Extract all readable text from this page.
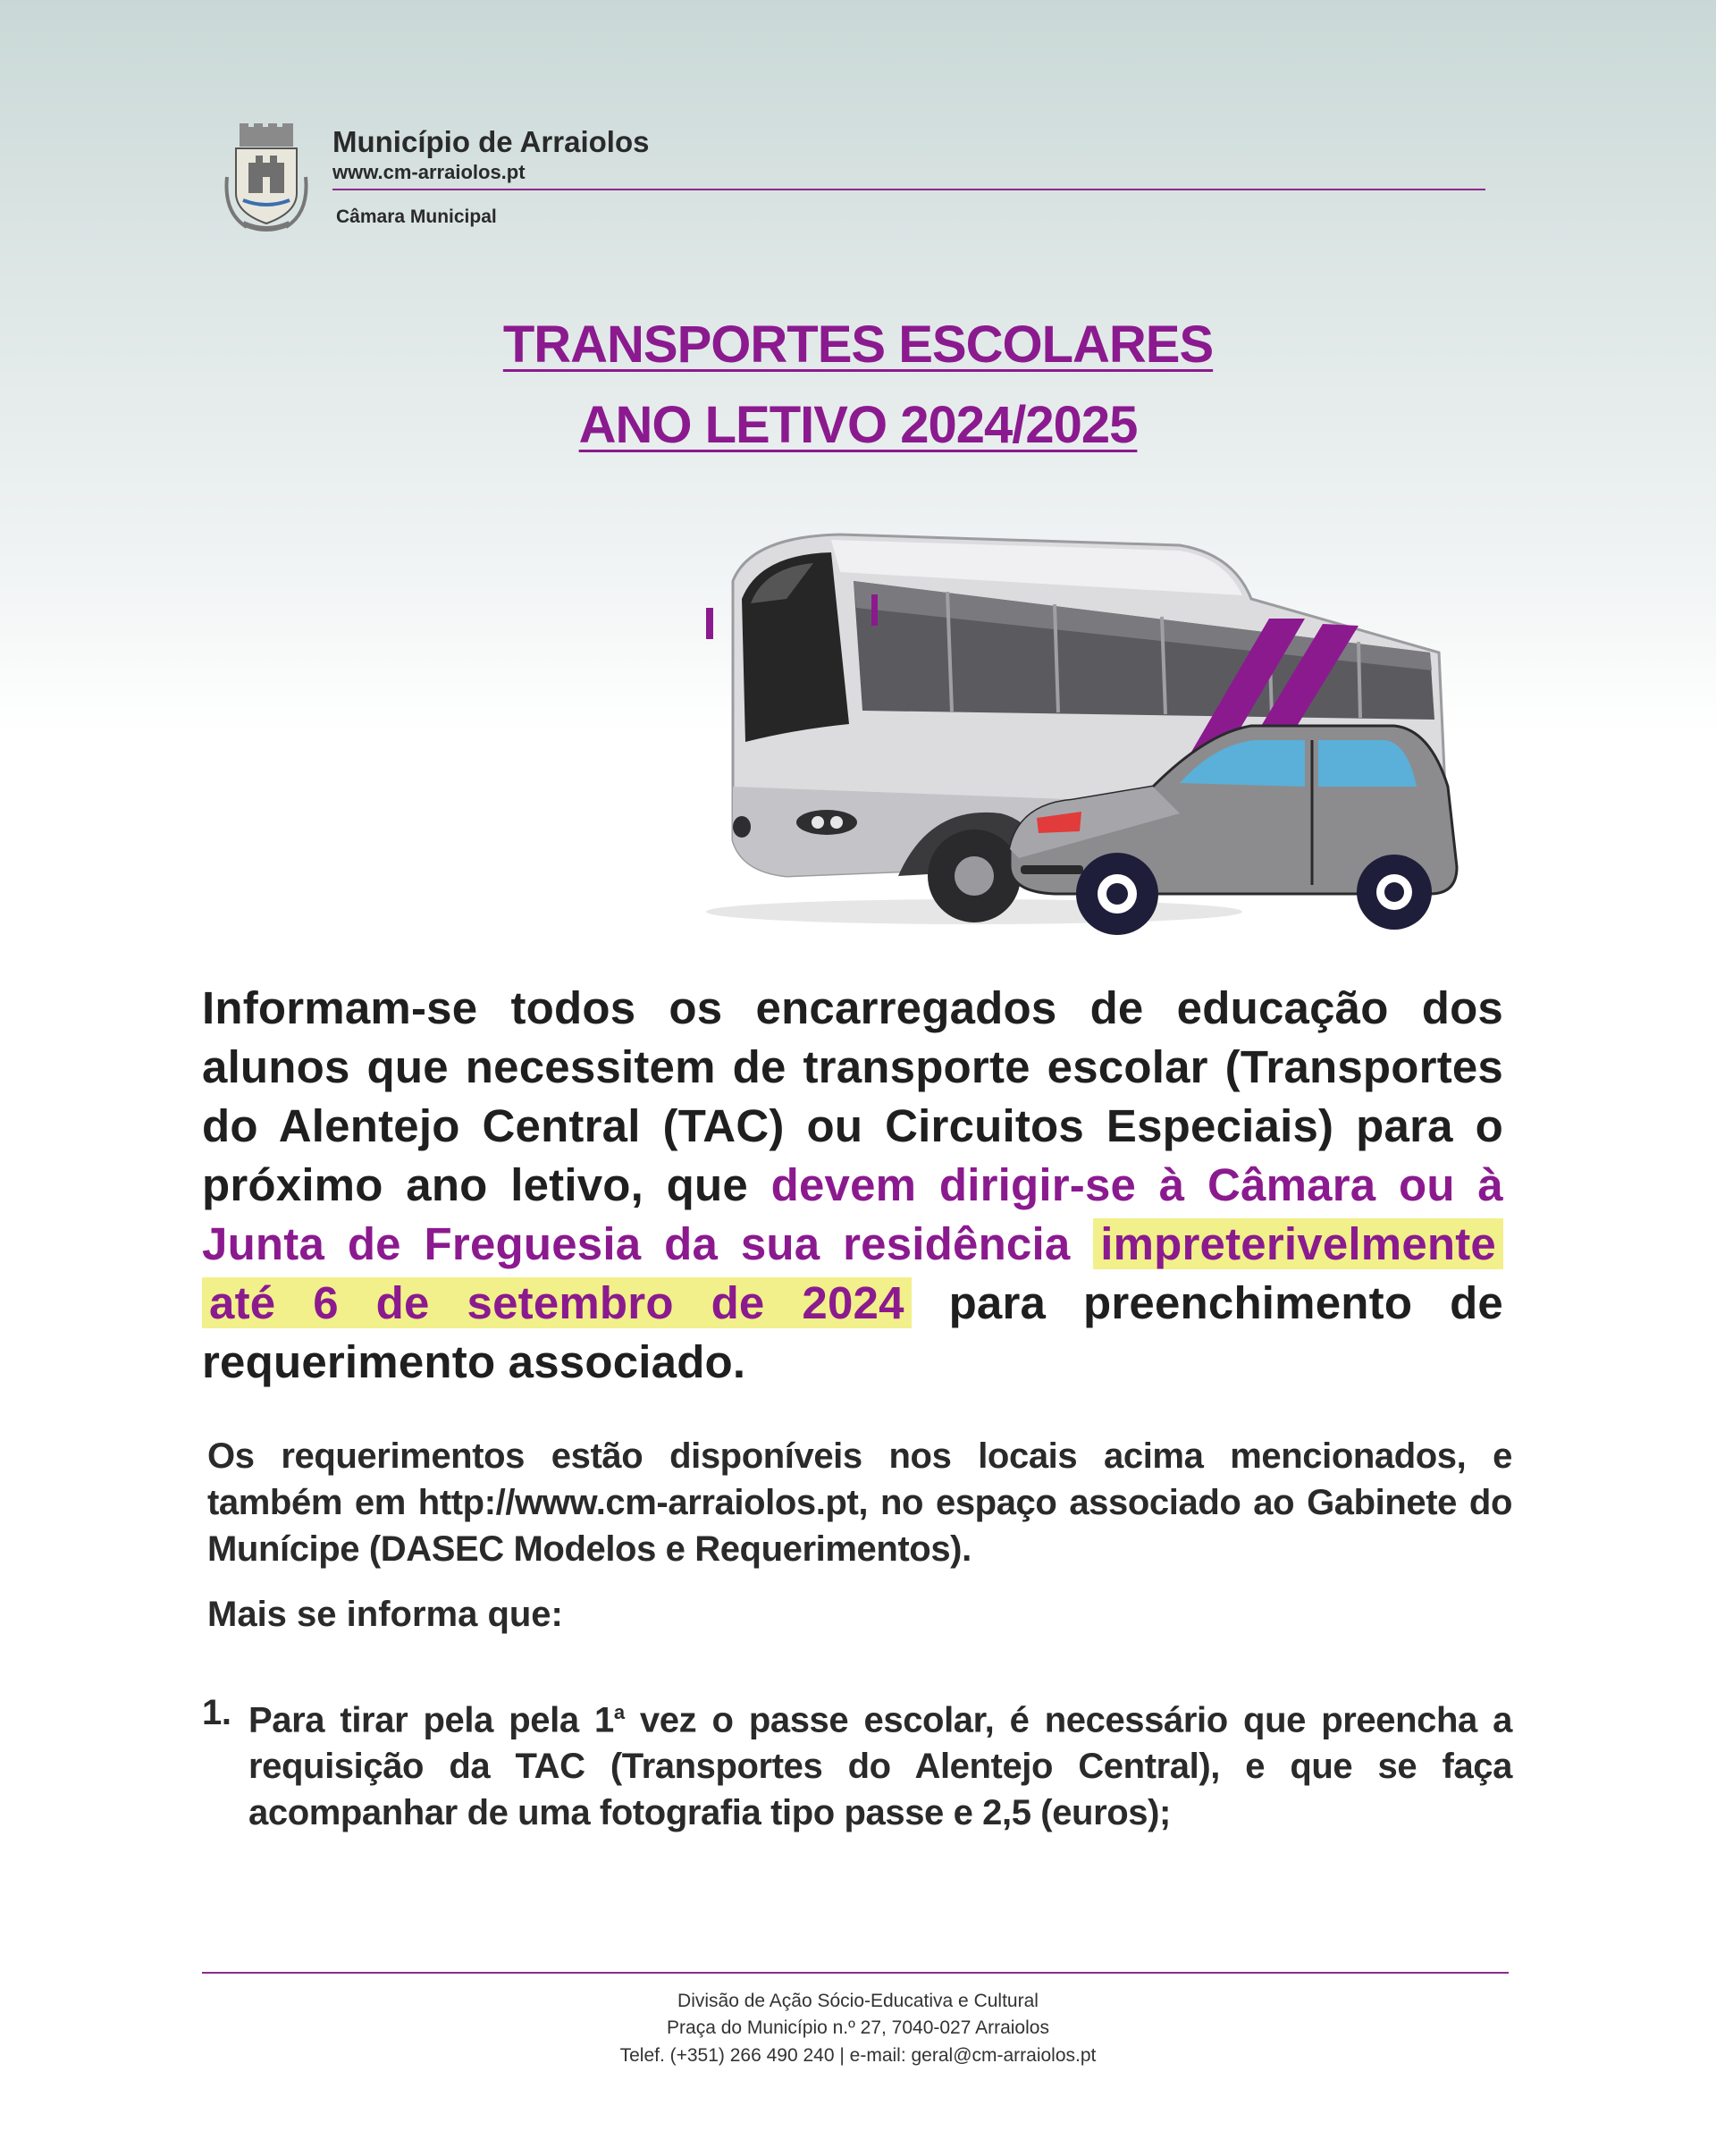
Município de Arraiolos
www.cm-arraiolos.pt
Câmara Municipal
TRANSPORTES ESCOLARES
ANO LETIVO 2024/2025
Informam-se todos os encarregados de educação dos alunos que necessitem de transporte escolar (Transportes do Alentejo Central (TAC) ou Circuitos Especiais) para o próximo ano letivo, que devem dirigir-se à Câmara ou à Junta de Freguesia da sua residência impreterivelmente até 6 de setembro de 2024 para preenchimento de requerimento associado.
Os requerimentos estão disponíveis nos locais acima mencionados, e também em http://www.cm-arraiolos.pt, no espaço associado ao Gabinete do Munícipe (DASEC Modelos e Requerimentos).
Mais se informa que:
1. Para tirar pela pela 1$^a$ vez o passe escolar, é necessário que preencha a requisição da TAC (Transportes do Alentejo Central), e que se faça acompanhar de uma fotografia tipo passe e 2,5 (euros);
Divisão de Ação Sócio-Educativa e Cultural
Praça do Município n.º 27, 7040-027 Arraiolos
Telef. (+351) 266 490 240 | e-mail: geral@cm-arraiolos.pt
